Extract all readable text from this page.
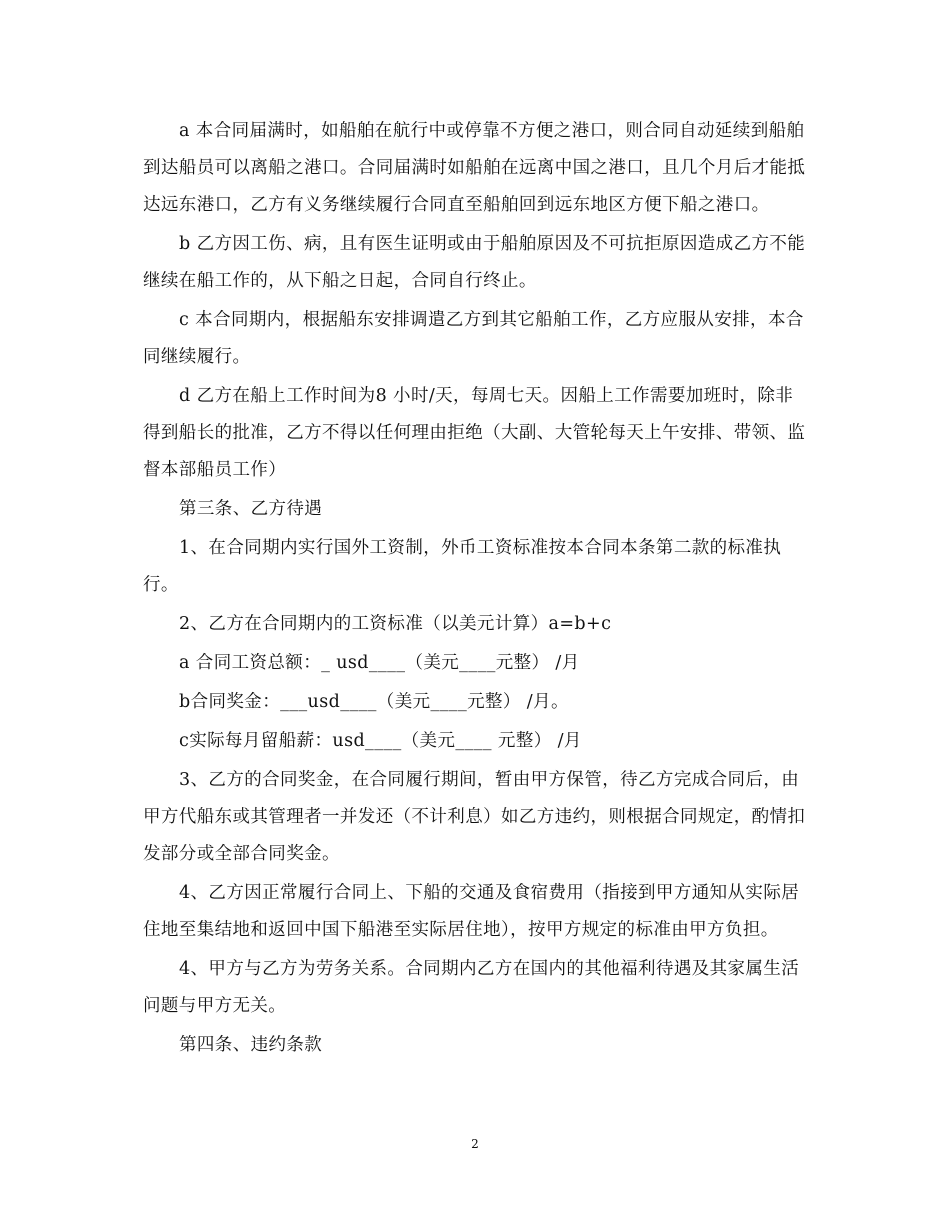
a 本合同届满时，如船舶在航行中或停靠不方便之港口，则合同自动延续到船舶到达船员可以离船之港口。合同届满时如船舶在远离中国之港口，且几个月后才能抵达远东港口，乙方有义务继续履行合同直至船舶回到远东地区方便下船之港口。

b 乙方因工伤、病，且有医生证明或由于船舶原因及不可抗拒原因造成乙方不能继续在船工作的，从下船之日起，合同自行终止。

c 本合同期内，根据船东安排调遣乙方到其它船舶工作，乙方应服从安排，本合同继续履行。

d 乙方在船上工作时间为8 小时/天，每周七天。因船上工作需要加班时，除非得到船长的批准，乙方不得以任何理由拒绝（大副、大管轮每天上午安排、带领、监督本部船员工作）

第三条、乙方待遇

1、在合同期内实行国外工资制，外币工资标准按本合同本条第二款的标准执行。

2、乙方在合同期内的工资标准（以美元计算）a=b+c

a 合同工资总额：_ usd____（美元____元整） /月

b合同奖金：___usd____（美元____元整） /月。

c实际每月留船薪：usd____（美元____ 元整） /月

3、乙方的合同奖金，在合同履行期间，暂由甲方保管，待乙方完成合同后，由甲方代船东或其管理者一并发还（不计利息）如乙方违约，则根据合同规定，酌情扣发部分或全部合同奖金。

4、乙方因正常履行合同上、下船的交通及食宿费用（指接到甲方通知从实际居住地至集结地和返回中国下船港至实际居住地），按甲方规定的标准由甲方负担。

4、甲方与乙方为劳务关系。合同期内乙方在国内的其他福利待遇及其家属生活问题与甲方无关。

第四条、违约条款

2
